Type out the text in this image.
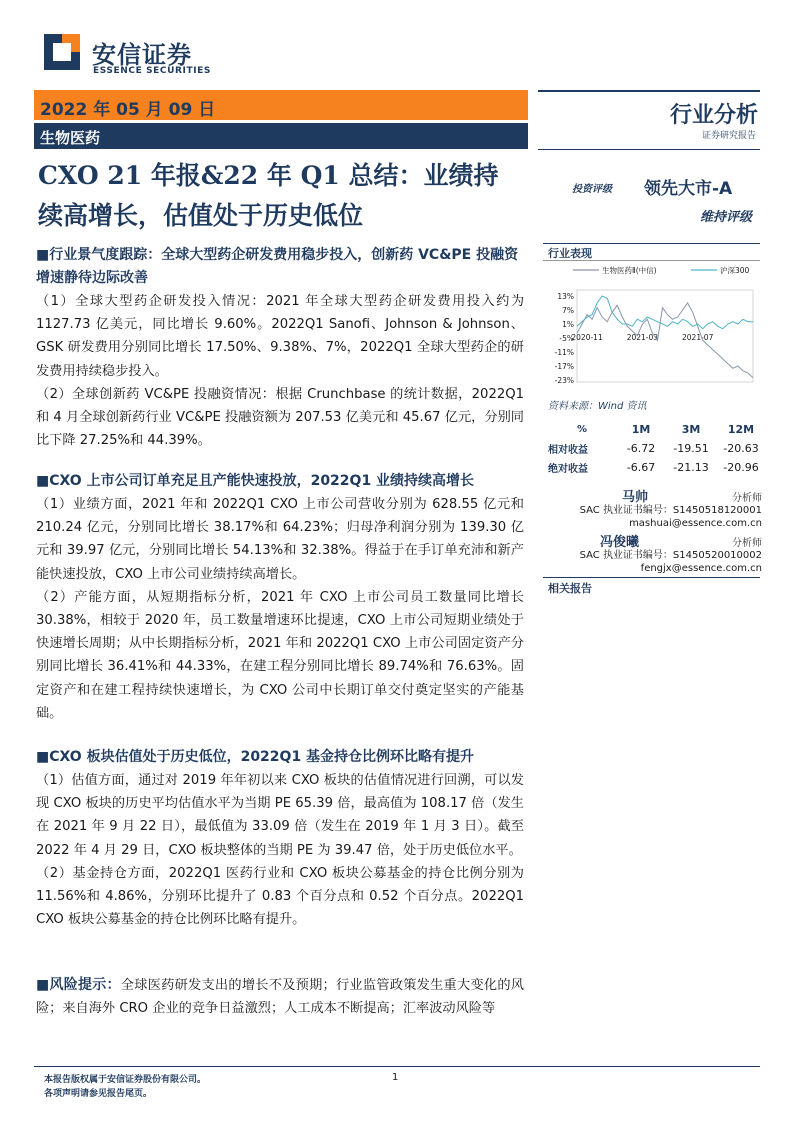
安信证券
ESSENCE SECURITIES
2022 年 05 月 09 日
生物医药
行业分析
证券研究报告
CXO 21 年报&22 年 Q1 总结：业绩持
续高增长，估值处于历史低位
投资评级 领先大市-A
维持评级
■行业景气度跟踪：全球大型药企研发费用稳步投入，创新药 VC&PE 投融资增速静待边际改善
（1）全球大型药企研发投入情况：2021 年全球大型药企研发费用投入约为 1127.73 亿美元，同比增长 9.60%。2022Q1 Sanofi、Johnson & Johnson、GSK 研发费用分别同比增长 17.50%、9.38%、7%，2022Q1 全球大型药企的研发费用持续稳步投入。
（2）全球创新药 VC&PE 投融资情况：根据 Crunchbase 的统计数据，2022Q1 和 4 月全球创新药行业 VC&PE 投融资额为 207.53 亿美元和 45.67 亿元，分别同比下降 27.25%和 44.39%。
■CXO 上市公司订单充足且产能快速投放，2022Q1 业绩持续高增长
（1）业绩方面，2021 年和 2022Q1 CXO 上市公司营收分别为 628.55 亿元和 210.24 亿元，分别同比增长 38.17%和 64.23%；归母净利润分别为 139.30 亿元和 39.97 亿元，分别同比增长 54.13%和 32.38%。得益于在手订单充沛和新产能快速投放，CXO 上市公司业绩持续高增长。
（2）产能方面，从短期指标分析，2021 年 CXO 上市公司员工数量同比增长 30.38%，相较于 2020 年，员工数量增速环比提速，CXO 上市公司短期业绩处于快速增长周期；从中长期指标分析，2021 年和 2022Q1 CXO 上市公司固定资产分别同比增长 36.41%和 44.33%，在建工程分别同比增长 89.74%和 76.63%。固定资产和在建工程持续快速增长，为 CXO 公司中长期订单交付奠定坚实的产能基础。
■CXO 板块估值处于历史低位，2022Q1 基金持仓比例环比略有提升
（1）估值方面，通过对 2019 年年初以来 CXO 板块的估值情况进行回溯，可以发现 CXO 板块的历史平均估值水平为当期 PE 65.39 倍，最高值为 108.17 倍（发生在 2021 年 9 月 22 日），最低值为 33.09 倍（发生在 2019 年 1 月 3 日）。截至 2022 年 4 月 29 日，CXO 板块整体的当期 PE 为 39.47 倍，处于历史低位水平。
（2）基金持仓方面，2022Q1 医药行业和 CXO 板块公募基金的持仓比例分别为 11.56%和 4.86%，分别环比提升了 0.83 个百分点和 0.52 个百分点。2022Q1 CXO 板块公募基金的持仓比例环比略有提升。
■风险提示：全球医药研发支出的增长不及预期；行业监管政策发生重大变化的风险；来自海外 CRO 企业的竞争日益激烈；人工成本不断提高；汇率波动风险等
行业表现
生物医药Ⅱ(中信)	沪深300
13%
7%
1%
-5%
-11%
-17%
-23%
2020-11	2021-03	2021-07
资料来源：Wind 资讯
%	1M	3M	12M
相对收益	-6.72	-19.51	-20.63
绝对收益	-6.67	-21.13	-20.96
马帅	分析师
SAC 执业证书编号：S1450518120001
mashuai@essence.com.cn
冯俊曦	分析师
SAC 执业证书编号：S1450520010002
fengjx@essence.com.cn
相关报告
本报告版权属于安信证券股份有限公司。
各项声明请参见报告尾页。
1
